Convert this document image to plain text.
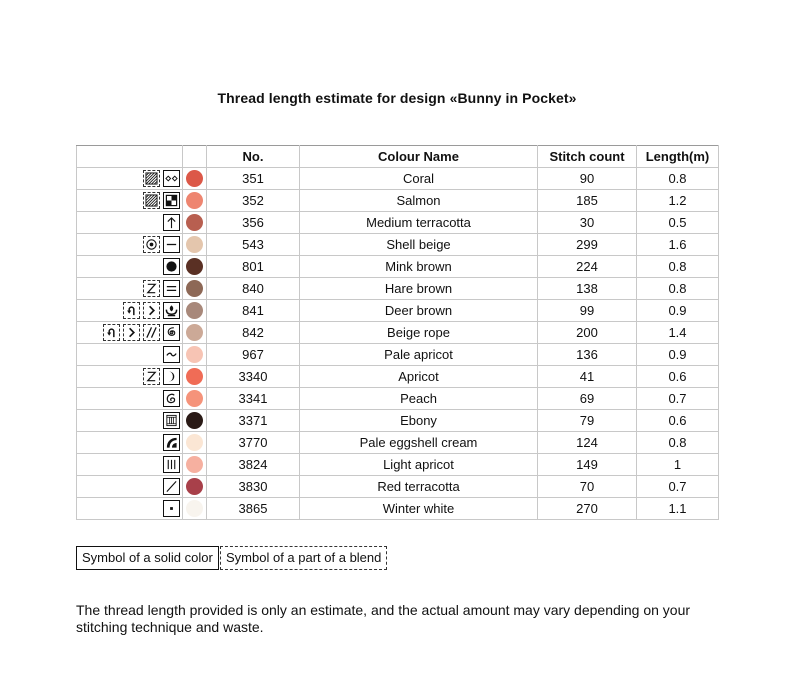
Thread length estimate for design «Bunny in Pocket»
		No.	Colour Name	Stitch count	Length(m)

	351	Coral	90	0.8

	352	Salmon	185	1.2

	356	Medium terracotta	30	0.5

	543	Shell beige	299	1.6

	801	Mink brown	224	0.8

	840	Hare brown	138	0.8

	841	Deer brown	99	0.9

	842	Beige rope	200	1.4

	967	Pale apricot	136	0.9

	3340	Apricot	41	0.6

	3341	Peach	69	0.7

	3371	Ebony	79	0.6

	3770	Pale eggshell cream	124	0.8

	3824	Light apricot	149	1

	3830	Red terracotta	70	0.7

	3865	Winter white	270	1.1
Symbol of a solid color	Symbol of a part of a blend
The thread length provided is only an estimate, and the actual amount may vary depending on your stitching technique and waste.
